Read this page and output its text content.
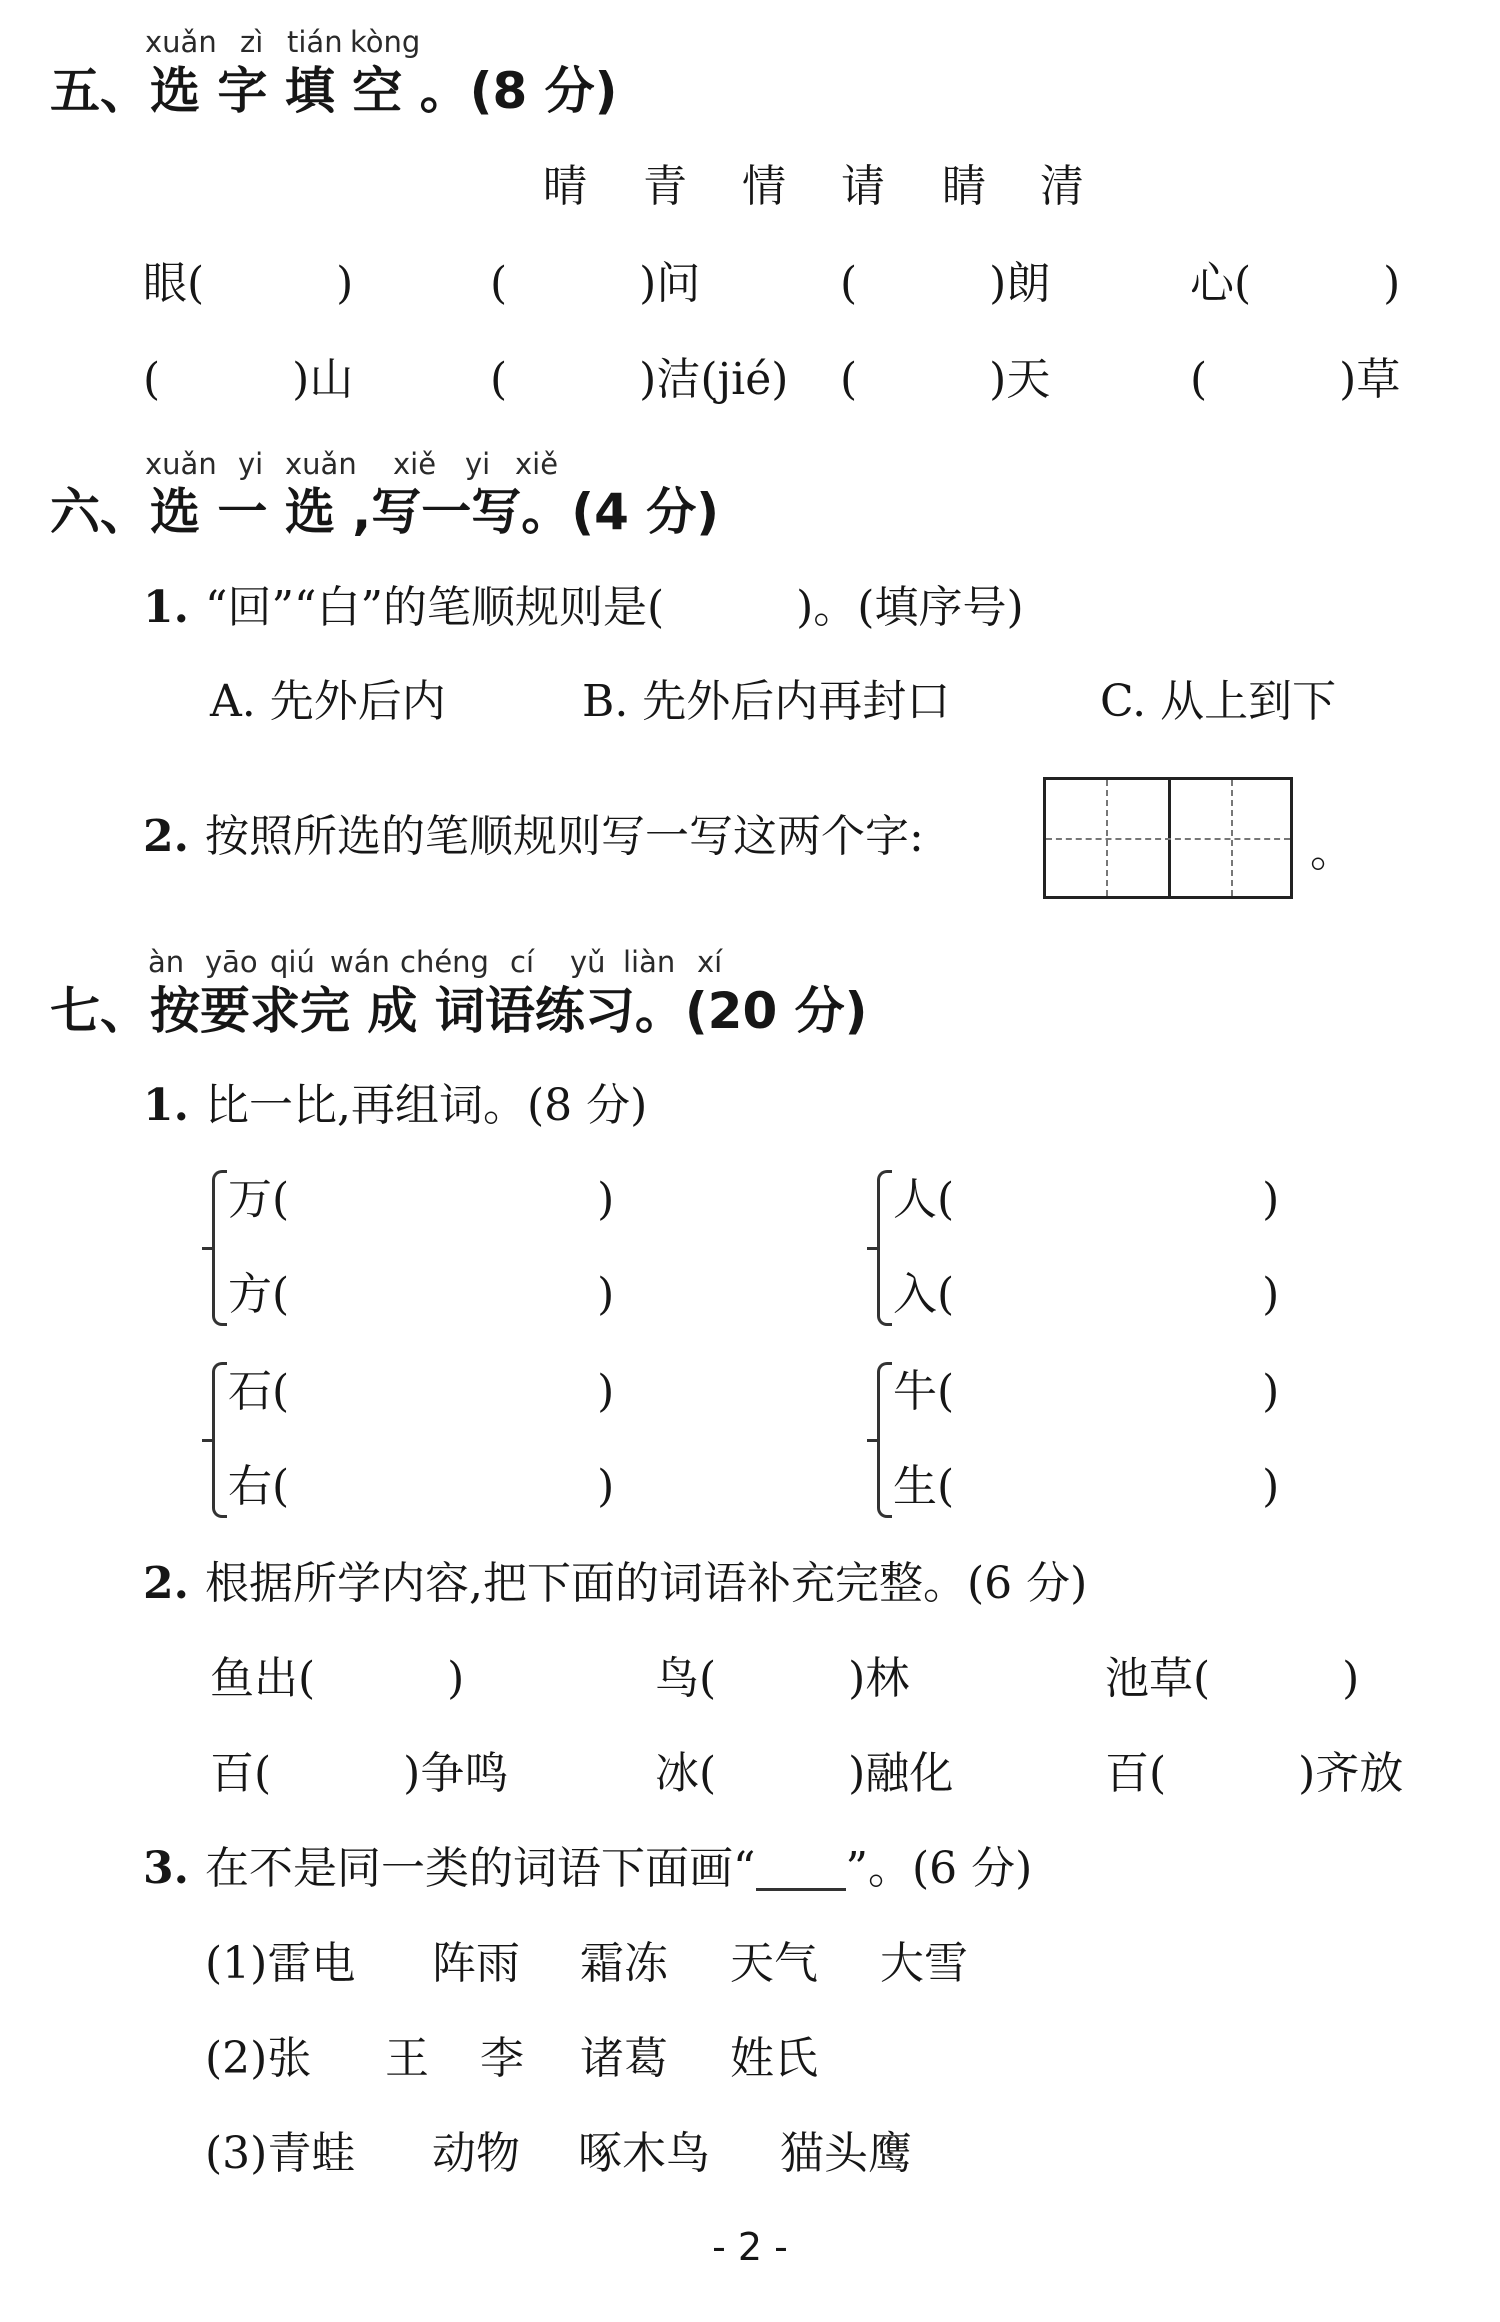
xuǎn zì tián kòng
五、选 字 填 空 。(8 分)
晴 青 情 请 睛 清
眼(　　　)	(　　　)问	(　　　)朗	心(　　　)
(　　　)山	(　　　)洁(jié) (　　　)天	(　　　)草
xuǎn yi xuǎn xiě yi xiě
六、选 一 选 ,写一写。(4 分)
1. “回”“白”的笔顺规则是(　　　)。(填序号)
A. 先外后内	B. 先外后内再封口	C. 从上到下
2. 按照所选的笔顺规则写一写这两个字:	。
àn yāo qiú wán chéng cí yǔ liàn xí
七、按要求完 成 词语练习。(20 分)
1. 比一比,再组词。(8 分)
万(　　　　　　　)
方(　　　　　　　)
人(　　　　　　　)
入(　　　　　　　)
石(　　　　　　　)
右(　　　　　　　)
牛(　　　　　　　)
生(　　　　　　　)
2. 根据所学内容,把下面的词语补充完整。(6 分)
鱼出(　　　)	鸟(　　　)林	池草(　　　)
百(　　　)争鸣	冰(　　　)融化	百(　　　)齐放
3. 在不是同一类的词语下面画“ ”。(6 分)
(1)雷电 阵雨 霜冻 天气 大雪
(2)张 王 李 诸葛 姓氏
(3)青蛙 动物 啄木鸟 猫头鹰
- 2 -
